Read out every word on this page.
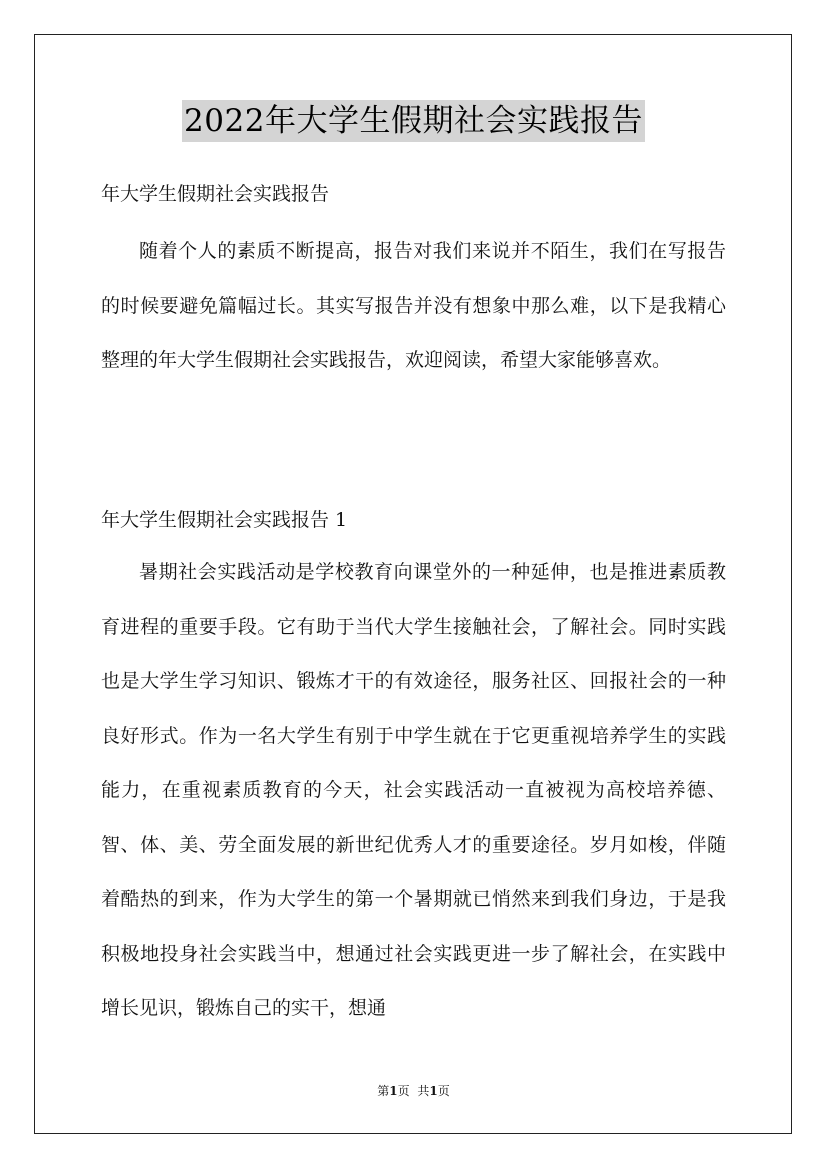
2022年大学生假期社会实践报告
年大学生假期社会实践报告

随着个人的素质不断提高，报告对我们来说并不陌生，我们在写报告的时候要避免篇幅过长。其实写报告并没有想象中那么难，以下是我精心整理的年大学生假期社会实践报告，欢迎阅读，希望大家能够喜欢。

年大学生假期社会实践报告 1

暑期社会实践活动是学校教育向课堂外的一种延伸，也是推进素质教育进程的重要手段。它有助于当代大学生接触社会，了解社会。同时实践也是大学生学习知识、锻炼才干的有效途径，服务社区、回报社会的一种良好形式。作为一名大学生有别于中学生就在于它更重视培养学生的实践能力，在重视素质教育的今天，社会实践活动一直被视为高校培养德、智、体、美、劳全面发展的新世纪优秀人才的重要途径。岁月如梭，伴随着酷热的到来，作为大学生的第一个暑期就已悄然来到我们身边，于是我积极地投身社会实践当中，想通过社会实践更进一步了解社会，在实践中增长见识，锻炼自己的实干，想通

第1页 共1页
